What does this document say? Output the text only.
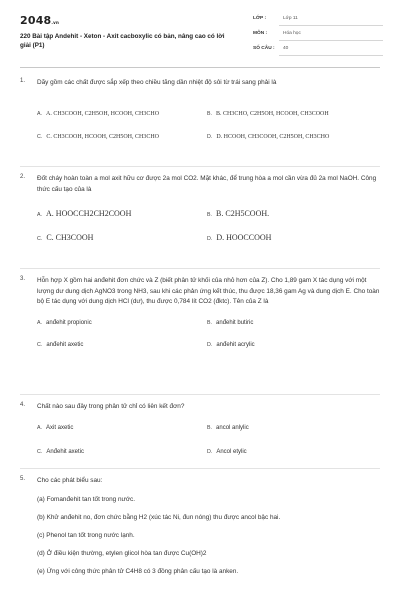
2048.vn
220 Bài tập Andehit - Xeton - Axit cacboxylic có bản, nâng cao có lời giải (P1)
LỚP :	Lớp 11
MÔN :	Hóa học
SỐ CÂU : 40
1. Dãy gồm các chất được sắp xếp theo chiều tăng dần nhiệt độ sôi từ trái sang phải là
A. A. CH3COOH, C2H5OH, HCOOH, CH3CHO	B. B. CH3CHO, C2H5OH, HCOOH, CH3COOH
C. C. CH3COOH, HCOOH, C2H5OH, CH3CHO	D. D. HCOOH, CH3COOH, C2H5OH, CH3CHO
2. Đốt cháy hoàn toàn a mol axit hữu cơ được 2a mol CO2. Mặt khác, để trung hòa a mol cần vừa đủ 2a mol NaOH. Công thức cấu tạo của là
A. A. HOOCCH2CH2COOH	B. B. C2H5COOH.
C. C. CH3COOH	D. D. HOOCCOOH
3. Hỗn hợp X gồm hai anđehit đơn chức và Z (biết phân tử khối của nhỏ hơn của Z). Cho 1,89 gam X tác dụng với một lượng dư dung dịch AgNO3 trong NH3, sau khi các phản ứng kết thúc, thu được 18,36 gam Ag và dung dịch E. Cho toàn bộ E tác dụng với dung dịch HCl (dư), thu được 0,784 lít CO2 (đktc). Tên của Z là
A. anđehit propionic	B. anđehit butiric
C. anđehit axetic	D. anđehit acrylic
4. Chất nào sau đây trong phân tử chỉ có liên kết đơn?
A. Axit axetic	B. ancol anlylic
C. Anđehit axetic	D. Ancol etylic
5. Cho các phát biểu sau:
(a) Fomanđehit tan tốt trong nước.
(b) Khử anđehit no, đơn chức bằng H2 (xúc tác Ni, đun nóng) thu được ancol bậc hai.
(c) Phenol tan tốt trong nước lạnh.
(d) Ở điều kiện thường, etylen glicol hòa tan được Cu(OH)2
(e) Ứng với công thức phân tử C4H8 có 3 đồng phân cấu tạo là anken.
